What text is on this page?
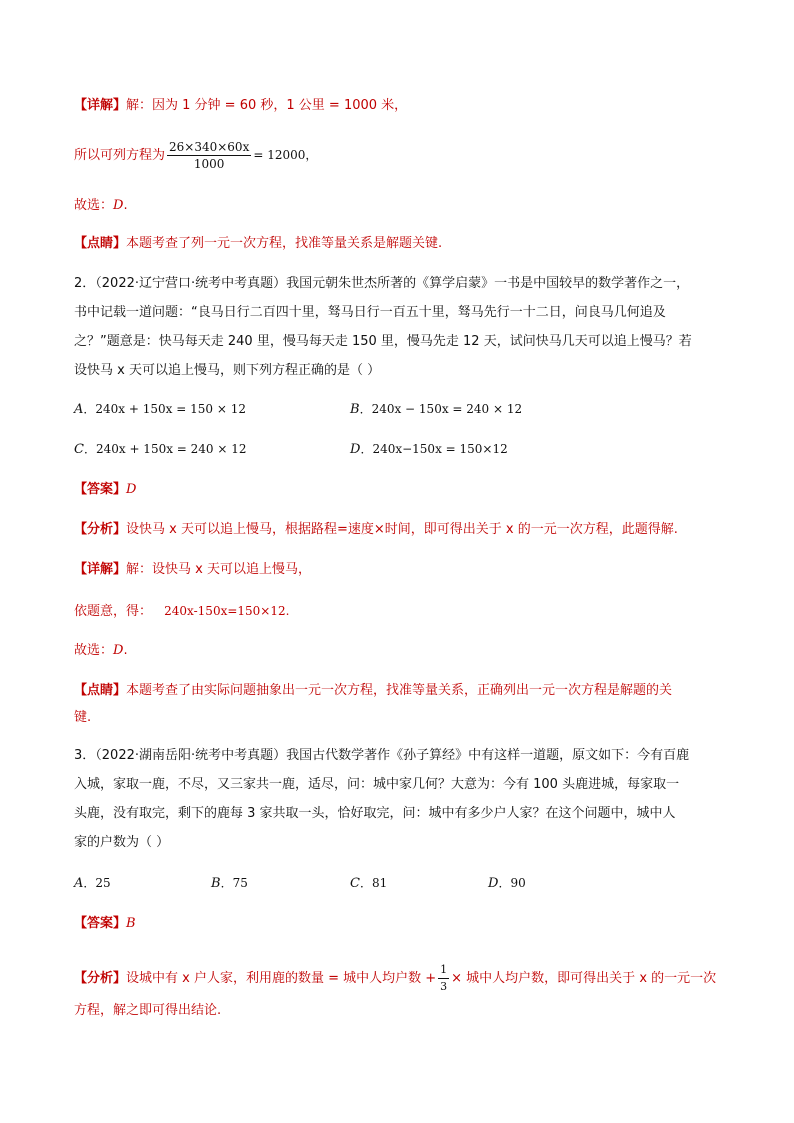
【详解】解：因为 1 分钟 = 60 秒，1 公里 = 1000 米，
所以可列方程为 $\frac{26\times 340\times 60x}{1000} = 12000$，
故选：D.
【点睛】本题考查了列一元一次方程，找准等量关系是解题关键.
2．（2022·辽宁营口·统考中考真题）我国元朝朱世杰所著的《算学启蒙》一书是中国较早的数学著作之一，
书中记载一道问题：“良马日行二百四十里，驽马日行一百五十里，驽马先行一十二日，问良马几何追及
之？”题意是：快马每天走 240 里，慢马每天走 150 里，慢马先走 12 天，试问快马几天可以追上慢马？若
设快马 x 天可以追上慢马，则下列方程正确的是（ ）
A．240x + 150x = 150 × 12	B．240x − 150x = 240 × 12
C．240x + 150x = 240 × 12	D．240x−150x = 150×12
【答案】D
【分析】设快马 x 天可以追上慢马，根据路程=速度×时间，即可得出关于 x 的一元一次方程，此题得解.
【详解】解：设快马 x 天可以追上慢马，
依题意，得： 240x-150x=150×12.
故选：D.
【点睛】本题考查了由实际问题抽象出一元一次方程，找准等量关系，正确列出一元一次方程是解题的关
键.
3．（2022·湖南岳阳·统考中考真题）我国古代数学著作《孙子算经》中有这样一道题，原文如下：今有百鹿
入城，家取一鹿，不尽，又三家共一鹿，适尽，问：城中家几何？大意为：今有 100 头鹿进城，每家取一
头鹿，没有取完，剩下的鹿每 3 家共取一头，恰好取完，问：城中有多少户人家？在这个问题中，城中人
家的户数为（ ）
A．25	B．75	C．81	D．90
【答案】B
【分析】设城中有 x 户人家，利用鹿的数量 = 城中人均户数 + $\frac{1}{3}$ × 城中人均户数，即可得出关于 x 的一元一次
方程，解之即可得出结论.
